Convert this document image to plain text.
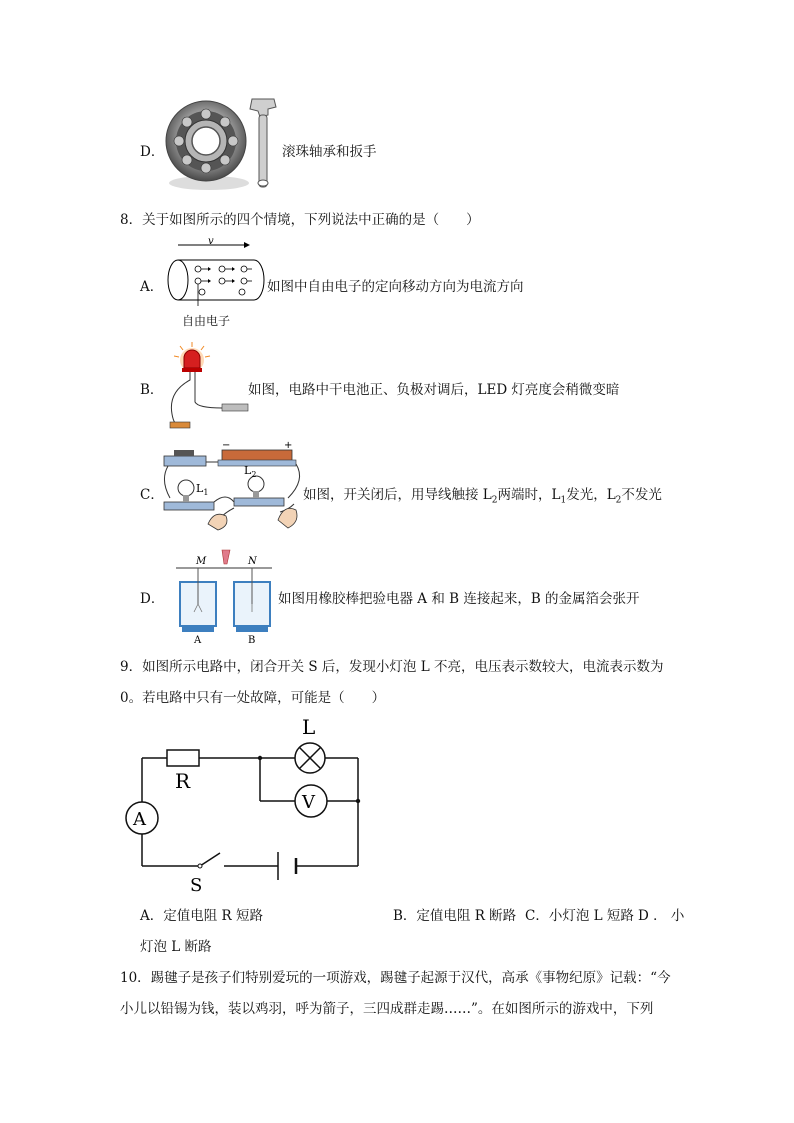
D．	滚珠轴承和扳手
8．关于如图所示的四个情境，下列说法中正确的是（　　）
A．
v
自由电子
如图中自由电子的定向移动方向为电流方向
B．	如图，电路中干电池正、负极对调后，LED 灯亮度会稍微变暗
C．
−	+
$L_1$
$L_2$
如图，开关闭后，用导线触接 $L_2$两端时，$L_1$发光，$L_2$不发光
D．
M	N
A	B
如图用橡胶棒把验电器 A 和 B 连接起来，B 的金属箔会张开
9．如图所示电路中，闭合开关 S 后，发现小灯泡 L 不亮，电压表示数较大，电流表示数为
0。若电路中只有一处故障，可能是（　　）
L
R
A
V
S
A．定值电阻 R 短路	B．定值电阻 R 断路 C．小灯泡 L 短路 D ． 小
灯泡 L 断路
10．踢毽子是孩子们特别爱玩的一项游戏，踢毽子起源于汉代，高承《事物纪原》记载：“今
小儿以铅锡为钱，装以鸡羽，呼为箭子，三四成群走踢……”。在如图所示的游戏中，下列
